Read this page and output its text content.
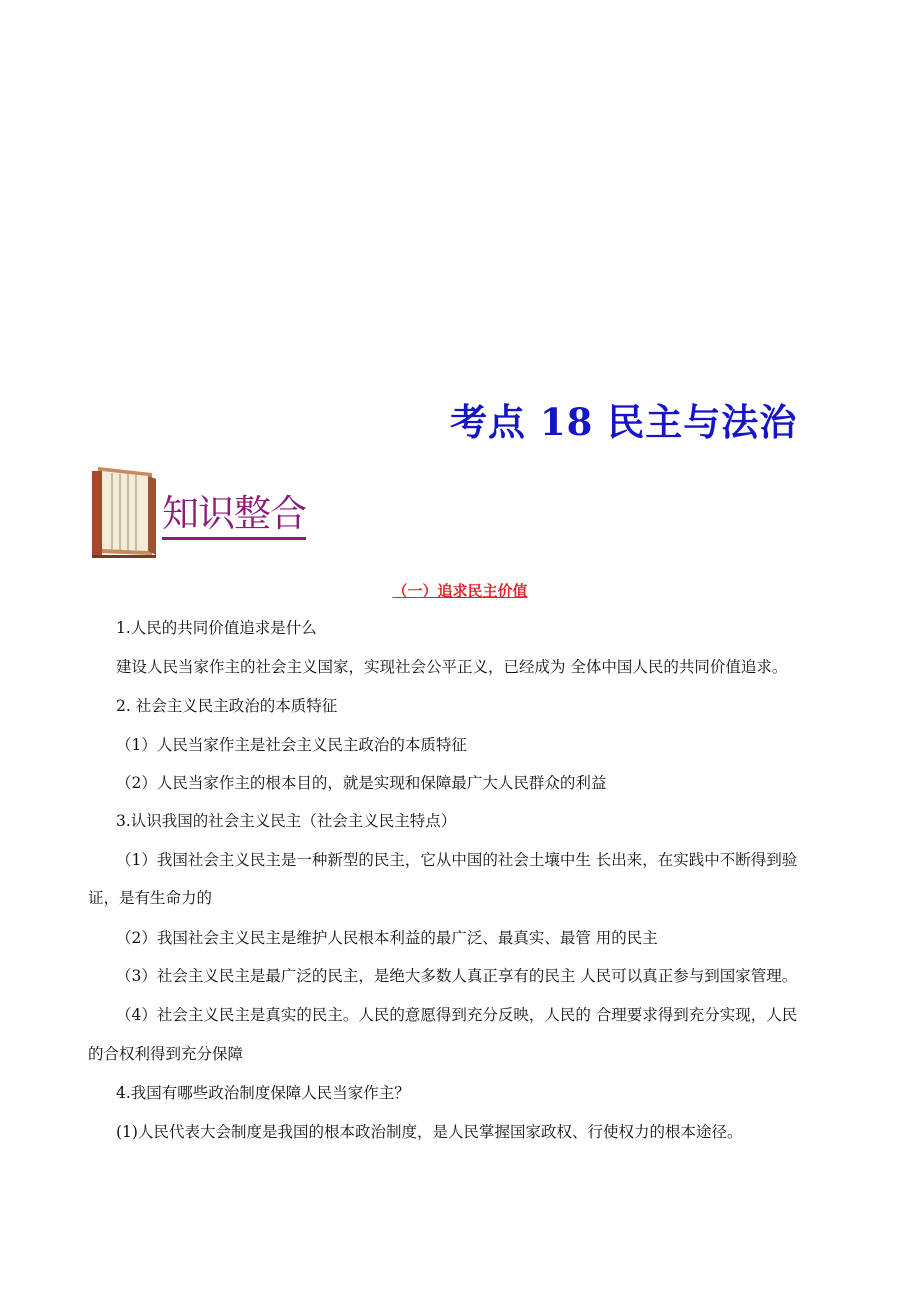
考点 18 民主与法治
知识整合
（一）追求民主价值
1.人民的共同价值追求是什么
建设人民当家作主的社会主义国家，实现社会公平正义，已经成为 全体中国人民的共同价值追求。
2. 社会主义民主政治的本质特征
（1）人民当家作主是社会主义民主政治的本质特征
（2）人民当家作主的根本目的，就是实现和保障最广大人民群众的利益
3.认识我国的社会主义民主（社会主义民主特点）
（1）我国社会主义民主是一种新型的民主，它从中国的社会土壤中生 长出来，在实践中不断得到验
证，是有生命力的
（2）我国社会主义民主是维护人民根本利益的最广泛、最真实、最管 用的民主
（3）社会主义民主是最广泛的民主，是绝大多数人真正享有的民主 人民可以真正参与到国家管理。
（4）社会主义民主是真实的民主。人民的意愿得到充分反映，人民的 合理要求得到充分实现，人民
的合权利得到充分保障
4.我国有哪些政治制度保障人民当家作主？
(1)人民代表大会制度是我国的根本政治制度，是人民掌握国家政权、行使权力的根本途径。
